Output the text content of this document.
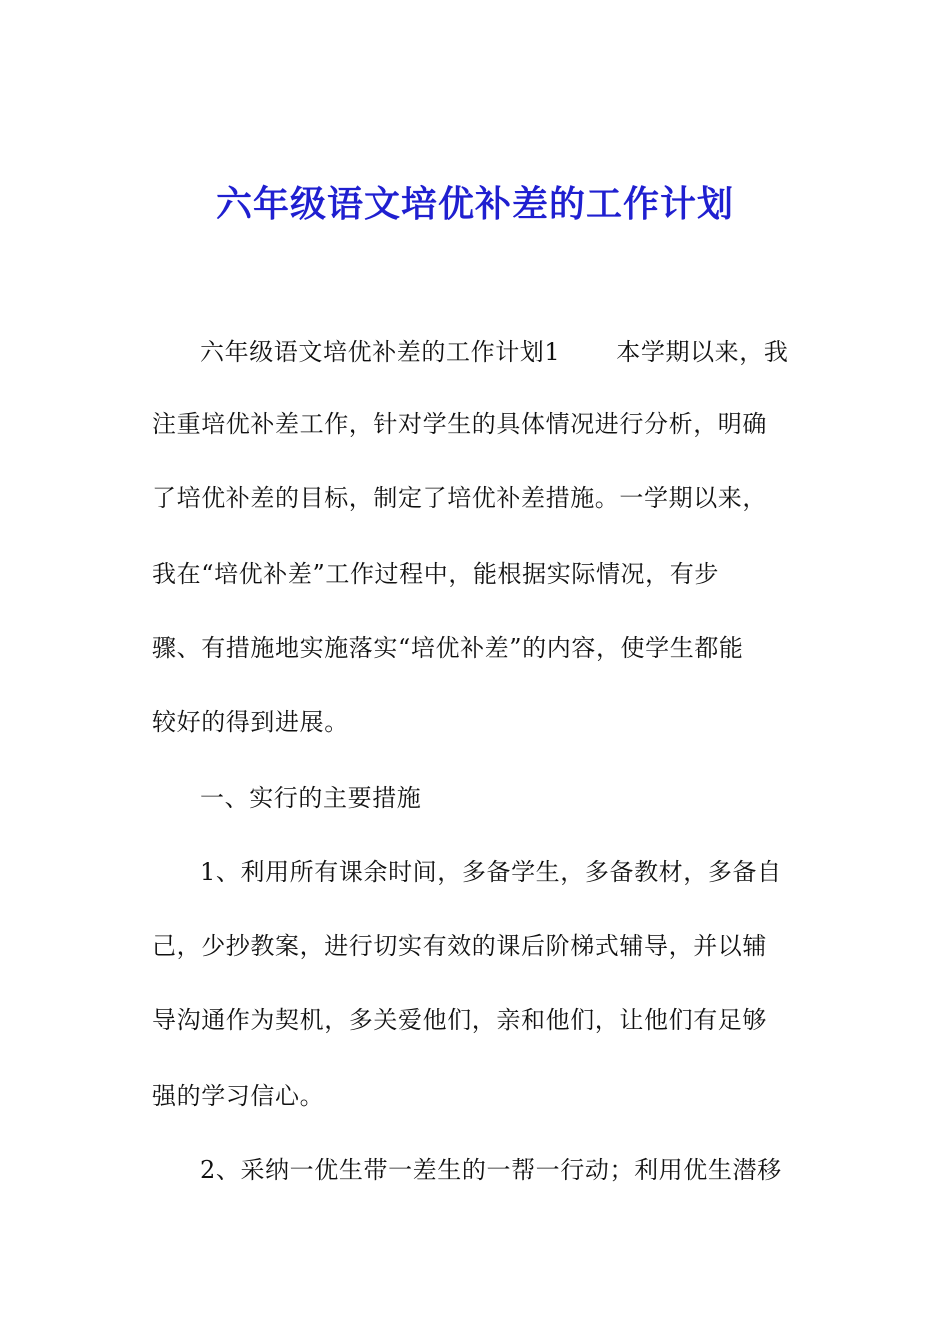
六年级语文培优补差的工作计划
六年级语文培优补差的工作计划1 本学期以来，我
注重培优补差工作，针对学生的具体情况进行分析，明确
了培优补差的目标，制定了培优补差措施。一学期以来，
我在“培优补差”工作过程中，能根据实际情况，有步
骤、有措施地实施落实“培优补差”的内容，使学生都能
较好的得到进展。
一、实行的主要措施
1、利用所有课余时间，多备学生，多备教材，多备自
己，少抄教案，进行切实有效的课后阶梯式辅导，并以辅
导沟通作为契机，多关爱他们，亲和他们，让他们有足够
强的学习信心。
2、采纳一优生带一差生的一帮一行动；利用优生潜移
